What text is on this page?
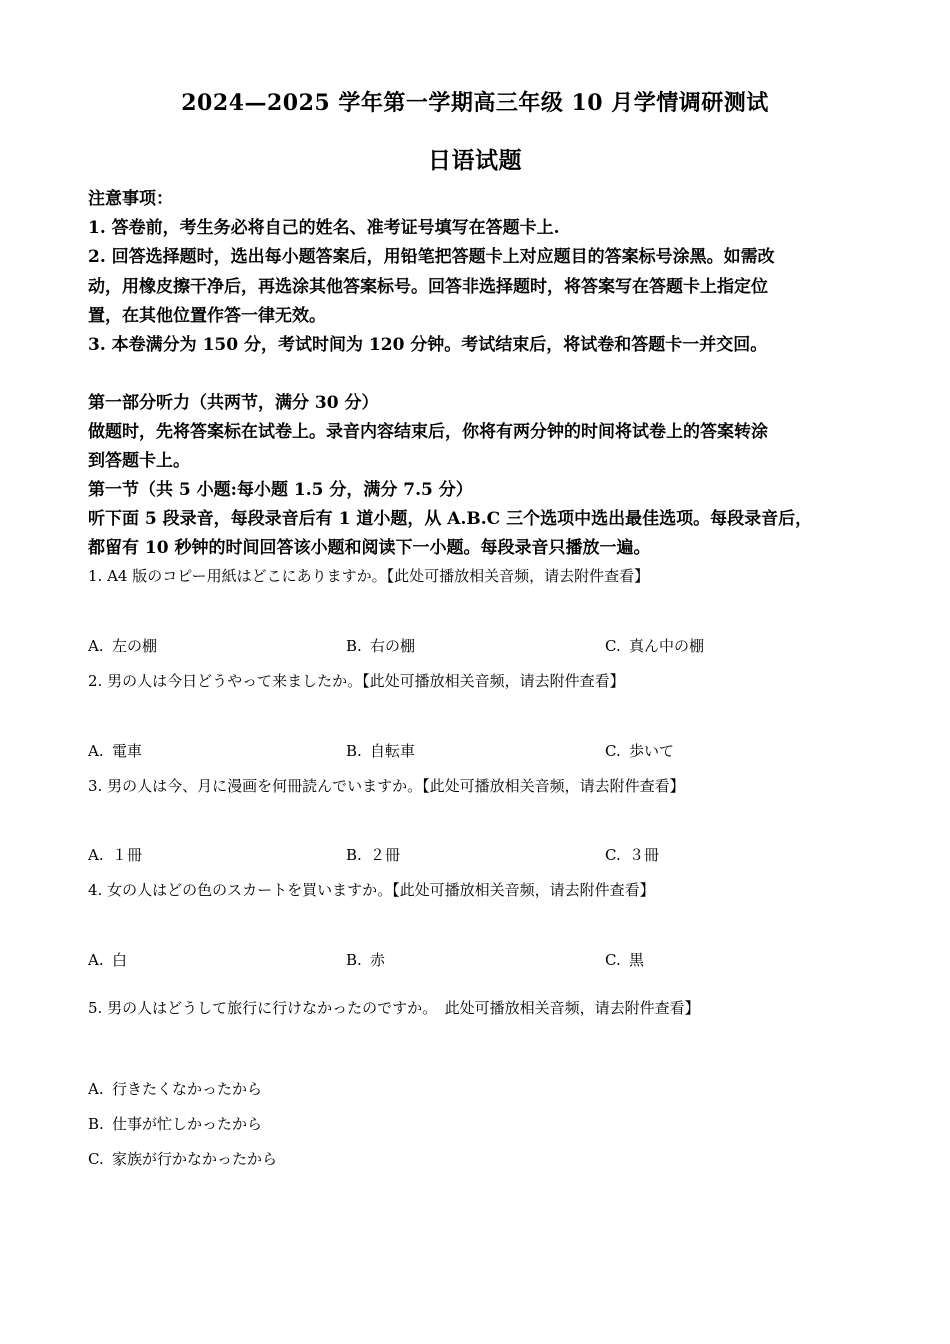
2024—2025 学年第一学期高三年级 10 月学情调研测试
日语试题
注意事项：
1. 答卷前，考生务必将自己的姓名、准考证号填写在答题卡上.
2. 回答选择题时，选出每小题答案后，用铅笔把答题卡上对应题目的答案标号涂黑。如需改
动，用橡皮擦干净后，再选涂其他答案标号。回答非选择题时，将答案写在答题卡上指定位
置，在其他位置作答一律无效。
3. 本卷满分为 150 分，考试时间为 120 分钟。考试结束后，将试卷和答题卡一并交回。
第一部分听力（共两节，满分 30 分）
做题时，先将答案标在试卷上。录音内容结束后，你将有两分钟的时间将试卷上的答案转涂
到答题卡上。
第一节（共 5 小题:每小题 1.5 分，满分 7.5 分）
听下面 5 段录音，每段录音后有 1 道小题，从 A.B.C 三个选项中选出最佳选项。每段录音后，
都留有 10 秒钟的时间回答该小题和阅读下一小题。每段录音只播放一遍。
1. A4 版のコピー用紙はどこにありますか。【此处可播放相关音频，请去附件查看】
A. 左の棚	B. 右の棚	C. 真ん中の棚
2. 男の人は今日どうやって来ましたか。【此处可播放相关音频，请去附件查看】
A. 電車	B. 自転車	C. 歩いて
3. 男の人は今、月に漫画を何冊読んでいますか。【此处可播放相关音频，请去附件查看】
A. １冊	B. ２冊	C. ３冊
4. 女の人はどの色のスカートを買いますか。【此处可播放相关音频，请去附件查看】
A. 白	B. 赤	C. 黒
5. 男の人はどうして旅行に行けなかったのですか。　此处可播放相关音频，请去附件查看】
A. 行きたくなかったから
B. 仕事が忙しかったから
C. 家族が行かなかったから
